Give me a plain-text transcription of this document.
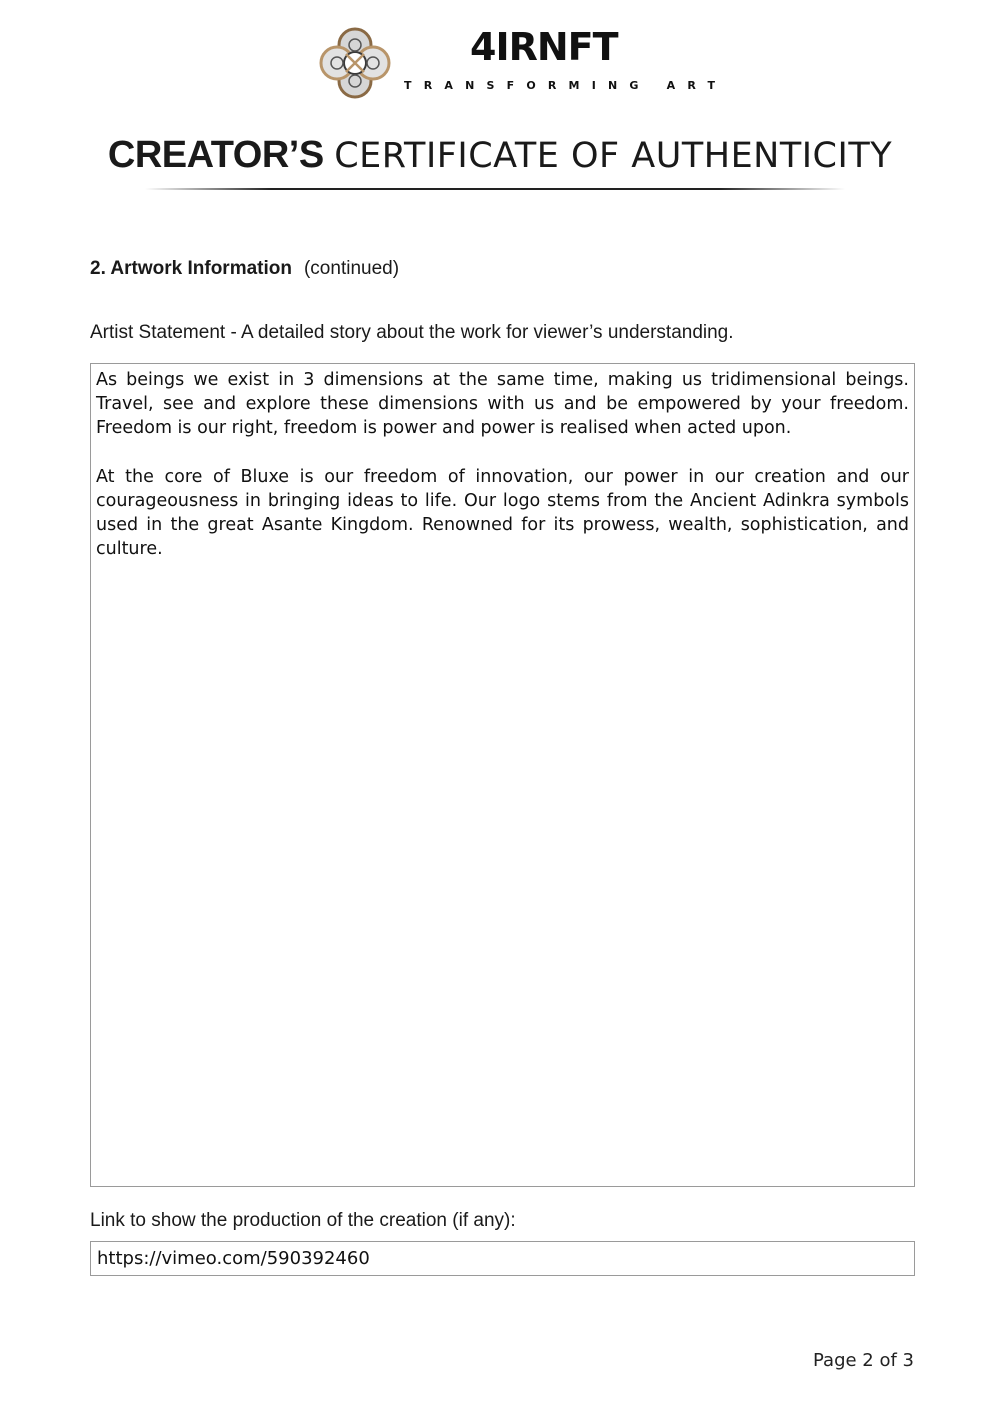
4IRNFT
TRANSFORMING ART
CREATOR’S CERTIFICATE OF AUTHENTICITY
2. Artwork Information (continued)
Artist Statement - A detailed story about the work for viewer’s understanding.

As beings we exist in 3 dimensions at the same time, making us tridimensional beings. Travel, see and explore these dimensions with us and be empowered by your freedom. Freedom is our right, freedom is power and power is realised when acted upon.

At the core of Bluxe is our freedom of innovation, our power in our creation and our courageousness in bringing ideas to life. Our logo stems from the Ancient Adinkra symbols used in the great Asante Kingdom. Renowned for its prowess, wealth, sophistication, and culture.

Link to show the production of the creation (if any):
https://vimeo.com/590392460
Page 2 of 3
